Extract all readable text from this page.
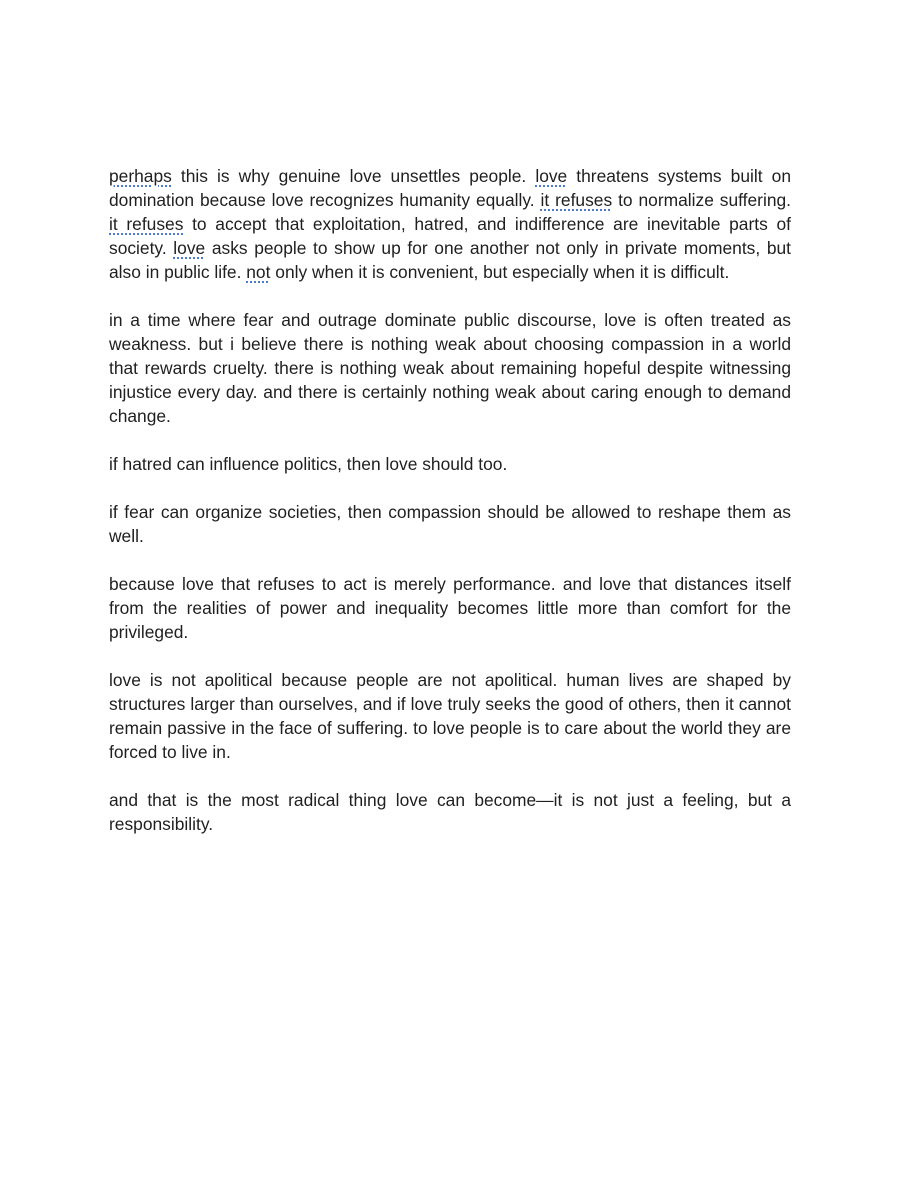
perhaps this is why genuine love unsettles people. love threatens systems built on domination because love recognizes humanity equally. it refuses to normalize suffering. it refuses to accept that exploitation, hatred, and indifference are inevitable parts of society. love asks people to show up for one another not only in private moments, but also in public life. not only when it is convenient, but especially when it is difficult.

in a time where fear and outrage dominate public discourse, love is often treated as weakness. but i believe there is nothing weak about choosing compassion in a world that rewards cruelty. there is nothing weak about remaining hopeful despite witnessing injustice every day. and there is certainly nothing weak about caring enough to demand change.

if hatred can influence politics, then love should too.

if fear can organize societies, then compassion should be allowed to reshape them as well.

because love that refuses to act is merely performance. and love that distances itself from the realities of power and inequality becomes little more than comfort for the privileged.

love is not apolitical because people are not apolitical. human lives are shaped by structures larger than ourselves, and if love truly seeks the good of others, then it cannot remain passive in the face of suffering. to love people is to care about the world they are forced to live in.

and that is the most radical thing love can become—it is not just a feeling, but a responsibility.
